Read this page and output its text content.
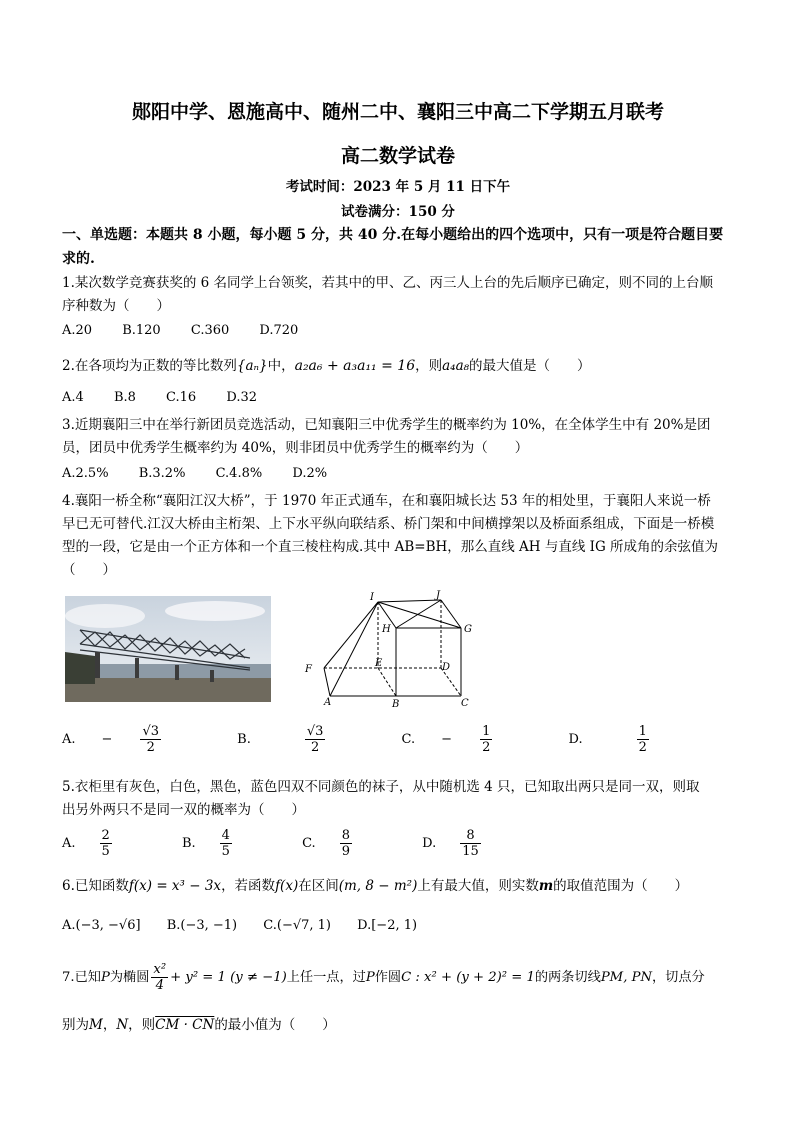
郧阳中学、恩施高中、随州二中、襄阳三中高二下学期五月联考
高二数学试卷
考试时间：2023 年 5 月 11 日下午
试卷满分：150 分
一、单选题：本题共 8 小题，每小题 5 分，共 40 分.在每小题给出的四个选项中，只有一项是符合题目要求的.
1.某次数学竞赛获奖的 6 名同学上台领奖，若其中的甲、乙、丙三人上台的先后顺序已确定，则不同的上台顺
序种数为（　　）
A.20 B.120 C.360 D.720
2.在各项均为正数的等比数列{aₙ}中，a₂a₆ + a₃a₁₁ = 16，则a₄a₈的最大值是（　　）
A.4 B.8 C.16 D.32
3.近期襄阳三中在举行新团员竞选活动，已知襄阳三中优秀学生的概率约为 10%，在全体学生中有 20%是团
员，团员中优秀学生概率约为 40%，则非团员中优秀学生的概率约为（　　）
A.2.5% B.3.2% C.4.8% D.2%
4.襄阳一桥全称“襄阳江汉大桥”，于 1970 年正式通车，在和襄阳城长达 53 年的相处里，于襄阳人来说一桥
早已无可替代.江汉大桥由主桁架、上下水平纵向联结系、桥门架和中间横撑架以及桥面系组成，下面是一桥模
型的一段，它是由一个正方体和一个直三棱柱构成.其中 AB=BH，那么直线 AH 与直线 IG 所成角的余弦值为
（　　）
I	J
H	G
E	D
F
A	B	C
A. − $\frac{√3}{2}$	B.	$\frac{√3}{2}$	C. − $\frac{1}{2}$	D.	$\frac{1}{2}$
5.衣柜里有灰色，白色，黑色，蓝色四双不同颜色的袜子，从中随机选 4 只，已知取出两只是同一双，则取
出另外两只不是同一双的概率为（　　）
A. $\frac{2}{5}$	B. $\frac{4}{5}$	C. $\frac{8}{9}$	D. $\frac{8}{15}$
6.已知函数f(x) = x³ − 3x，若函数f(x)在区间(m, 8 − m²)上有最大值，则实数m的取值范围为（　　）
A.(−3, −√6] B.(−3, −1) C.(−√7, 1) D.[−2, 1)
7.已知P为椭圆 $\frac{\text{x²}}{4} + y^2 = 1$ (y ≠ −1)上任一点，过P作圆C : x² + (y + 2)² = 1的两条切线PM, PN，切点分
别为M，N，则CM · CN的最小值为（　　）
